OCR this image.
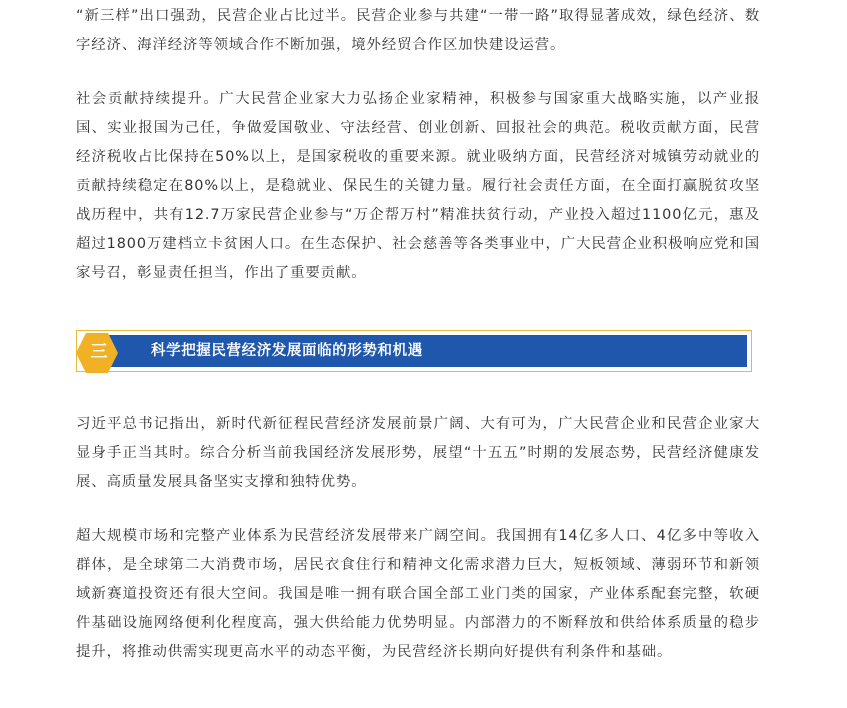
“新三样”出口强劲，民营企业占比过半。民营企业参与共建“一带一路”取得显著成效，绿色经济、数字经济、海洋经济等领域合作不断加强，境外经贸合作区加快建设运营。

社会贡献持续提升。广大民营企业家大力弘扬企业家精神，积极参与国家重大战略实施，以产业报国、实业报国为己任，争做爱国敬业、守法经营、创业创新、回报社会的典范。税收贡献方面，民营经济税收占比保持在50%以上，是国家税收的重要来源。就业吸纳方面，民营经济对城镇劳动就业的贡献持续稳定在80%以上，是稳就业、保民生的关键力量。履行社会责任方面，在全面打赢脱贫攻坚战历程中，共有12.7万家民营企业参与“万企帮万村”精准扶贫行动，产业投入超过1100亿元，惠及超过1800万建档立卡贫困人口。在生态保护、社会慈善等各类事业中，广大民营企业积极响应党和国家号召，彰显责任担当，作出了重要贡献。

科学把握民营经济发展面临的形势和机遇
三

习近平总书记指出，新时代新征程民营经济发展前景广阔、大有可为，广大民营企业和民营企业家大显身手正当其时。综合分析当前我国经济发展形势，展望“十五五”时期的发展态势，民营经济健康发展、高质量发展具备坚实支撑和独特优势。

超大规模市场和完整产业体系为民营经济发展带来广阔空间。我国拥有14亿多人口、4亿多中等收入群体，是全球第二大消费市场，居民衣食住行和精神文化需求潜力巨大，短板领域、薄弱环节和新领域新赛道投资还有很大空间。我国是唯一拥有联合国全部工业门类的国家，产业体系配套完整，软硬件基础设施网络便利化程度高，强大供给能力优势明显。内部潜力的不断释放和供给体系质量的稳步提升，将推动供需实现更高水平的动态平衡，为民营经济长期向好提供有利条件和基础。
